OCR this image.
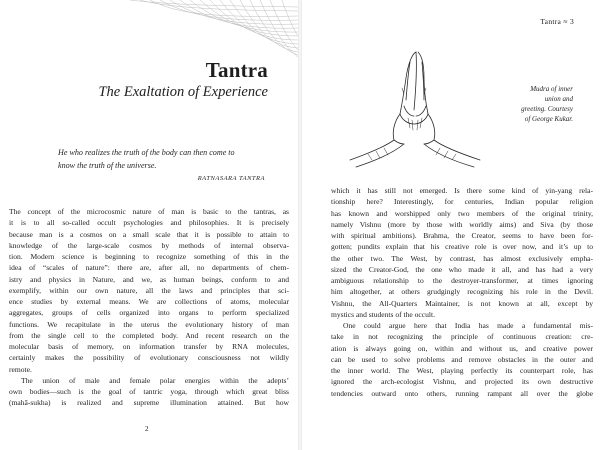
Tantra
The Exaltation of Experience
He who realizes the truth of the body can then come to
know the truth of the universe.
RATNASARA TANTRA
The concept of the microcosmic nature of man is basic to the tantras, as
it is to all so-called occult psychologies and philosophies. It is precisely
because man is a cosmos on a small scale that it is possible to attain to
knowledge of the large-scale cosmos by methods of internal observa-
tion. Modern science is beginning to recognize something of this in the
idea of “scales of nature”: there are, after all, no departments of chem-
istry and physics in Nature, and we, as human beings, conform to and
exemplify, within our own nature, all the laws and principles that sci-
ence studies by external means. We are collections of atoms, molecular
aggregates, groups of cells organized into organs to perform specialized
functions. We recapitulate in the uterus the evolutionary history of man
from the single cell to the completed body. And recent research on the
molecular basis of memory, on information transfer by RNA molecules,
certainly makes the possibility of evolutionary consciousness not wildly
remote.
The union of male and female polar energies within the adepts’
own bodies—such is the goal of tantric yoga, through which great bliss
(mahā-sukha) is realized and supreme illumination attained. But how
2
Tantra ≈ 3
Mudra of inner
union and
greeting. Courtesy
of George Kukar.
which it has still not emerged. Is there some kind of yin-yang rela-
tionship here? Interestingly, for centuries, Indian popular religion
has known and worshipped only two members of the original trinity,
namely Vishnu (more by those with worldly aims) and Siva (by those
with spiritual ambitions). Brahma, the Creator, seems to have been for-
gotten; pundits explain that his creative role is over now, and it’s up to
the other two. The West, by contrast, has almost exclusively empha-
sized the Creator-God, the one who made it all, and has had a very
ambiguous relationship to the destroyer-transformer, at times ignoring
him altogether, at others grudgingly recognizing his role in the Devil.
Vishnu, the All-Quarters Maintainer, is not known at all, except by
mystics and students of the occult.
One could argue here that India has made a fundamental mis-
take in not recognizing the principle of continuous creation: cre-
ation is always going on, within and without us, and creative power
can be used to solve problems and remove obstacles in the outer and
the inner world. The West, playing perfectly its counterpart role, has
ignored the arch-ecologist Vishnu, and projected its own destructive
tendencies outward onto others, running rampant all over the globe
